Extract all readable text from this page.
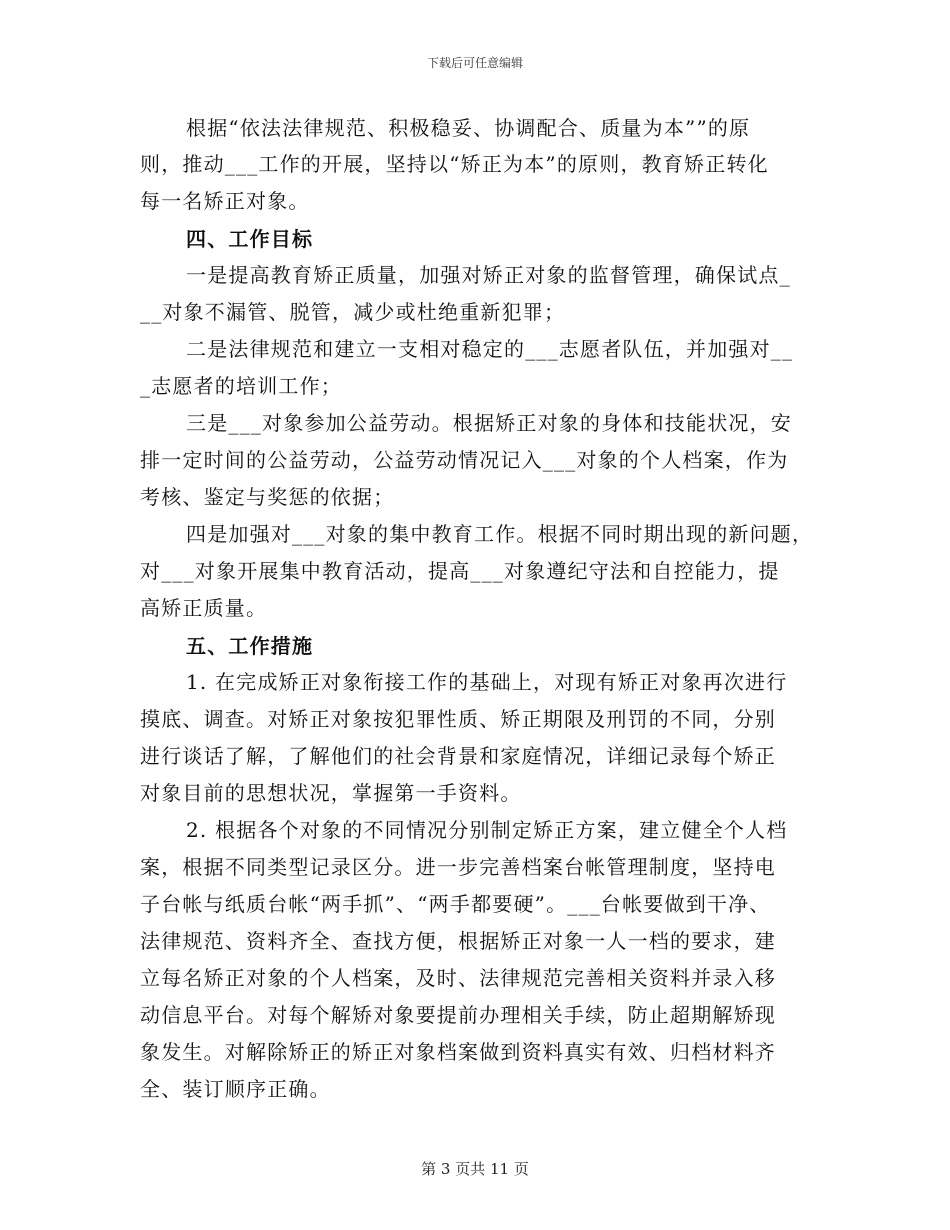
下载后可任意编辑
根据“依法法律规范、积极稳妥、协调配合、质量为本””的原
则，推动___工作的开展，坚持以“矫正为本”的原则，教育矫正转化
每一名矫正对象。
四、工作目标
一是提高教育矫正质量，加强对矫正对象的监督管理，确保试点_
__对象不漏管、脱管，减少或杜绝重新犯罪；
二是法律规范和建立一支相对稳定的___志愿者队伍，并加强对__
_志愿者的培训工作；
三是___对象参加公益劳动。根据矫正对象的身体和技能状况，安
排一定时间的公益劳动，公益劳动情况记入___对象的个人档案，作为
考核、鉴定与奖惩的依据；
四是加强对___对象的集中教育工作。根据不同时期出现的新问题，
对___对象开展集中教育活动，提高___对象遵纪守法和自控能力，提
高矫正质量。
五、工作措施
1. 在完成矫正对象衔接工作的基础上，对现有矫正对象再次进行
摸底、调查。对矫正对象按犯罪性质、矫正期限及刑罚的不同，分别
进行谈话了解，了解他们的社会背景和家庭情况，详细记录每个矫正
对象目前的思想状况，掌握第一手资料。
2. 根据各个对象的不同情况分别制定矫正方案，建立健全个人档
案，根据不同类型记录区分。进一步完善档案台帐管理制度，坚持电
子台帐与纸质台帐“两手抓”、“两手都要硬”。___台帐要做到干净、
法律规范、资料齐全、查找方便，根据矫正对象一人一档的要求，建
立每名矫正对象的个人档案，及时、法律规范完善相关资料并录入移
动信息平台。对每个解矫对象要提前办理相关手续，防止超期解矫现
象发生。对解除矫正的矫正对象档案做到资料真实有效、归档材料齐
全、装订顺序正确。
第 3 页共 11 页
